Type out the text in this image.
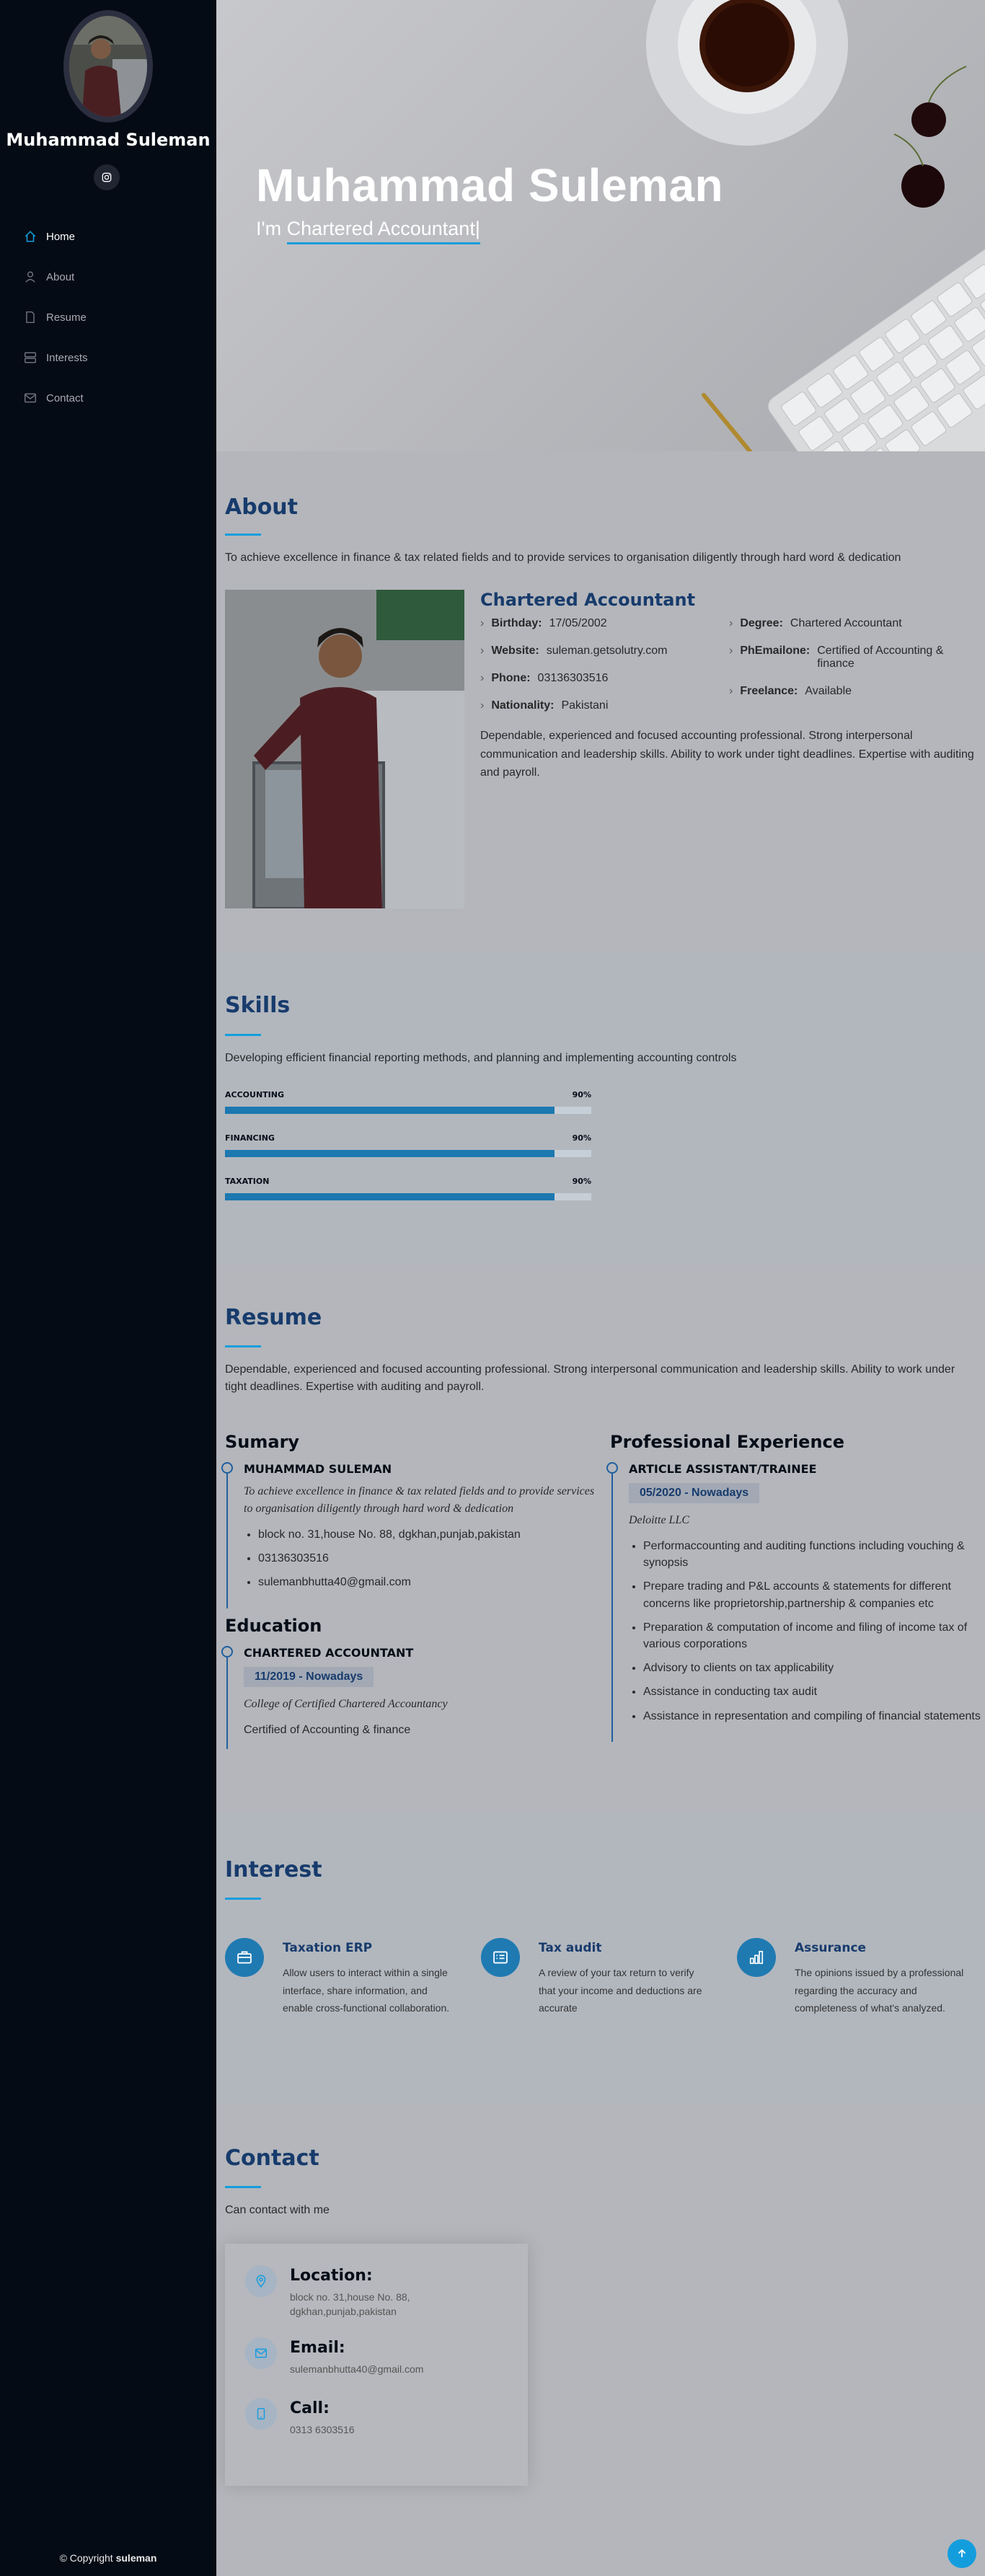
Muhammad Suleman
Home
About
Resume
Interests
Contact
© Copyright suleman
Muhammad Suleman

I'm Chartered Accountant|

About

To achieve excellence in finance & tax related fields and to provide services to organisation diligently through hard word & dedication

Chartered Accountant
› Birthday: 17/05/2002
› Website: suleman.getsolutry.com
› Phone: 03136303516
› Nationality: Pakistani
› Degree: Chartered Accountant
› PhEmailone: Certified of Accounting & finance
› Freelance: Available

Dependable, experienced and focused accounting professional. Strong interpersonal communication and leadership skills. Ability to work under tight deadlines. Expertise with auditing and payroll.

Skills

Developing efficient financial reporting methods, and planning and implementing accounting controls

ACCOUNTING	90%
FINANCING	90%
TAXATION	90%
Resume

Dependable, experienced and focused accounting professional. Strong interpersonal communication and leadership skills. Ability to work under tight deadlines. Expertise with auditing and payroll.

Sumary
MUHAMMAD SULEMAN

To achieve excellence in finance & tax related fields and to provide services to organisation diligently through hard word & dedication

• block no. 31,house No. 88, dgkhan,punjab,pakistan
• 03136303516
• sulemanbhutta40@gmail.com
Education
CHARTERED ACCOUNTANT
11/2019 - Nowadays

College of Certified Chartered Accountancy

Certified of Accounting & finance

Professional Experience
ARTICLE ASSISTANT/TRAINEE
05/2020 - Nowadays

Deloitte LLC

• Performaccounting and auditing functions including vouching & synopsis
• Prepare trading and P&L accounts & statements for different concerns like proprietorship,partnership & companies etc
• Preparation & computation of income and filing of income tax of various corporations
• Advisory to clients on tax applicability
• Assistance in conducting tax audit
• Assistance in representation and compiling of financial statements
Interest
Taxation ERP

Allow users to interact within a single interface, share information, and enable cross-functional collaboration.

Tax audit

A review of your tax return to verify that your income and deductions are accurate

Assurance

The opinions issued by a professional regarding the accuracy and completeness of what's analyzed.

Contact

Can contact with me

Location:

block no. 31,house No. 88, dgkhan,punjab,pakistan

Email:

sulemanbhutta40@gmail.com

Call:

0313 6303516
